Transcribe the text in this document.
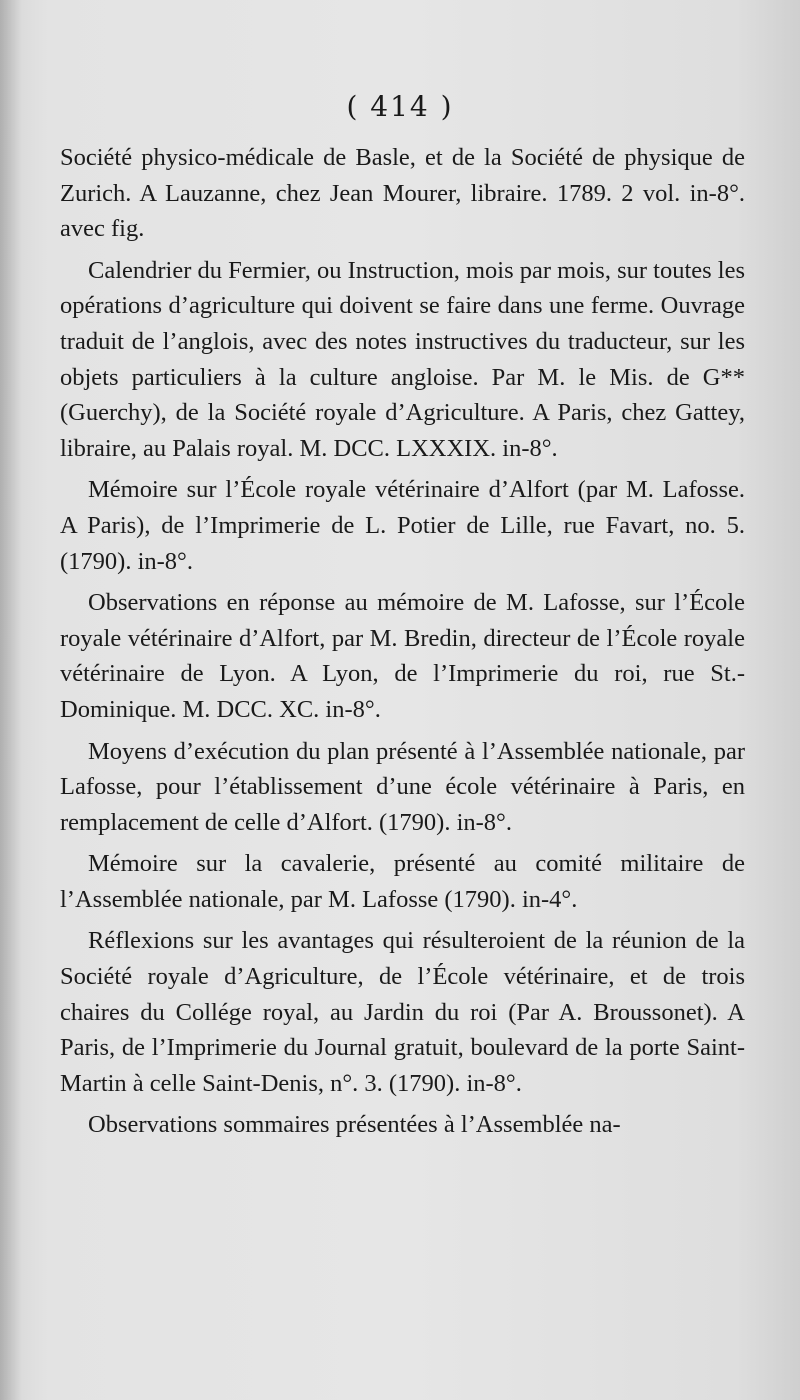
( 414 )

Société physico-médicale de Basle, et de la Société de physique de Zurich. A Lauzanne, chez Jean Mourer, libraire. 1789. 2 vol. in-8°. avec fig.

Calendrier du Fermier, ou Instruction, mois par mois, sur toutes les opérations d’agriculture qui doivent se faire dans une ferme. Ouvrage traduit de l’anglois, avec des notes instructives du traducteur, sur les objets particuliers à la culture angloise. Par M. le Mis. de G** (Guerchy), de la Société royale d’Agriculture. A Paris, chez Gattey, libraire, au Palais royal. M. DCC. LXXXIX. in-8°.

Mémoire sur l’École royale vétérinaire d’Alfort (par M. Lafosse. A Paris), de l’Imprimerie de L. Potier de Lille, rue Favart, no. 5. (1790). in-8°.

Observations en réponse au mémoire de M. Lafosse, sur l’École royale vétérinaire d’Alfort, par M. Bredin, directeur de l’École royale vétérinaire de Lyon. A Lyon, de l’Imprimerie du roi, rue St.-Dominique. M. DCC. XC. in-8°.

Moyens d’exécution du plan présenté à l’Assemblée nationale, par Lafosse, pour l’établissement d’une école vétérinaire à Paris, en remplacement de celle d’Alfort. (1790). in-8°.

Mémoire sur la cavalerie, présenté au comité militaire de l’Assemblée nationale, par M. Lafosse (1790). in-4°.

Réflexions sur les avantages qui résulteroient de la réunion de la Société royale d’Agriculture, de l’École vétérinaire, et de trois chaires du Collége royal, au Jardin du roi (Par A. Broussonet). A Paris, de l’Imprimerie du Journal gratuit, boulevard de la porte Saint-Martin à celle Saint-Denis, n°. 3. (1790). in-8°.

Observations sommaires présentées à l’Assemblée na-
